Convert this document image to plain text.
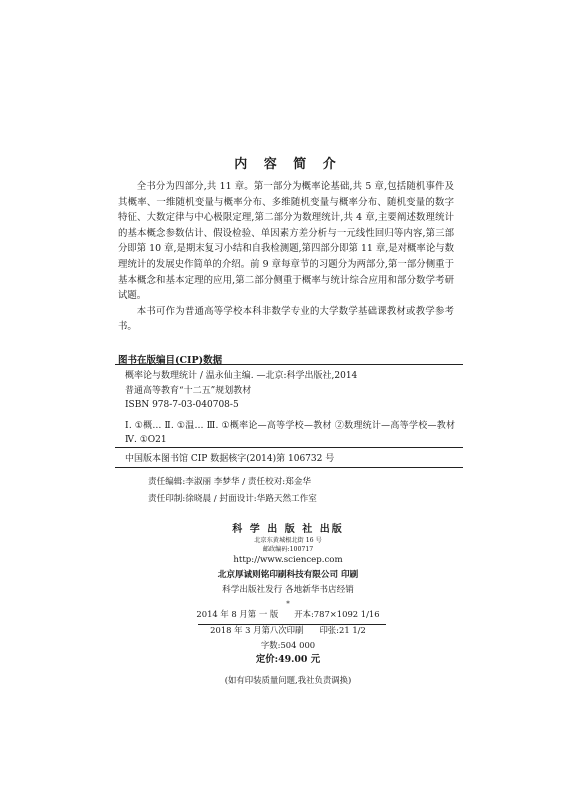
内 容 简 介

全书分为四部分,共 11 章。第一部分为概率论基础,共 5 章,包括随机事件及其概率、一维随机变量与概率分布、多维随机变量与概率分布、随机变量的数字特征、大数定律与中心极限定理,第二部分为数理统计,共 4 章,主要阐述数理统计的基本概念参数估计、假设检验、单因素方差分析与一元线性回归等内容,第三部分即第 10 章,是期末复习小结和自我检测题,第四部分即第 11 章,是对概率论与数理统计的发展史作简单的介绍。前 9 章每章节的习题分为两部分,第一部分侧重于基本概念和基本定理的应用,第二部分侧重于概率与统计综合应用和部分数学考研试题。

本书可作为普通高等学校本科非数学专业的大学数学基础课教材或教学参考书。

图书在版编目(CIP)数据
概率论与数理统计 / 温永仙主编. —北京:科学出版社,2014
普通高等教育“十二五”规划教材
ISBN 978-7-03-040708-5
Ⅰ. ①概… Ⅱ. ①温… Ⅲ. ①概率论—高等学校—教材 ②数理统计—高等学校—教材 Ⅳ. ①O21
中国版本图书馆 CIP 数据核字(2014)第 106732 号
责任编辑:李淑丽 李梦华 / 责任校对:郑金华
责任印制:徐晓晨 / 封面设计:华路天然工作室
科 学 出 版 社 出版
北京东黄城根北街 16 号
邮政编码:100717
http://www.sciencep.com
北京厚诚则铭印刷科技有限公司 印刷
科学出版社发行 各地新华书店经销
*
2014 年 8 月第 一 版 开本:787×1092 1/16
2018 年 3 月第八次印刷 印张:21 1/2
字数:504 000
定价:49.00 元
(如有印装质量问题,我社负责调换)
